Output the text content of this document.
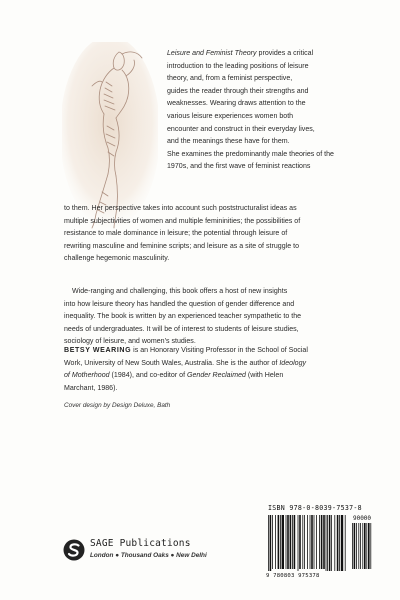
Leisure and Feminist Theory provides a critical

introduction to the leading positions of leisure

theory, and, from a feminist perspective,

guides the reader through their strengths and

weaknesses. Wearing draws attention to the

various leisure experiences women both

encounter and construct in their everyday lives,

and the meanings these have for them.

She examines the predominantly male theories of the

1970s, and the first wave of feminist reactions

to them. Her perspective takes into account such poststructuralist ideas as

multiple subjectivities of women and multiple femininities; the possibilities of

resistance to male dominance in leisure; the potential through leisure of

rewriting masculine and feminine scripts; and leisure as a site of struggle to

challenge hegemonic masculinity.

Wide-ranging and challenging, this book offers a host of new insights

into how leisure theory has handled the question of gender difference and

inequality. The book is written by an experienced teacher sympathetic to the

needs of undergraduates. It will be of interest to students of leisure studies,

sociology of leisure, and women's studies.

BETSY WEARING is an Honorary Visiting Professor in the School of Social

Work, University of New South Wales, Australia. She is the author of Ideology

of Motherhood (1984), and co-editor of Gender Reclaimed (with Helen

Marchant, 1986).

Cover design by Design Deluxe, Bath
SAGE Publications
London ● Thousand Oaks ● New Delhi
ISBN 978-0-8039-7537-8
90000
9 780803 975378
